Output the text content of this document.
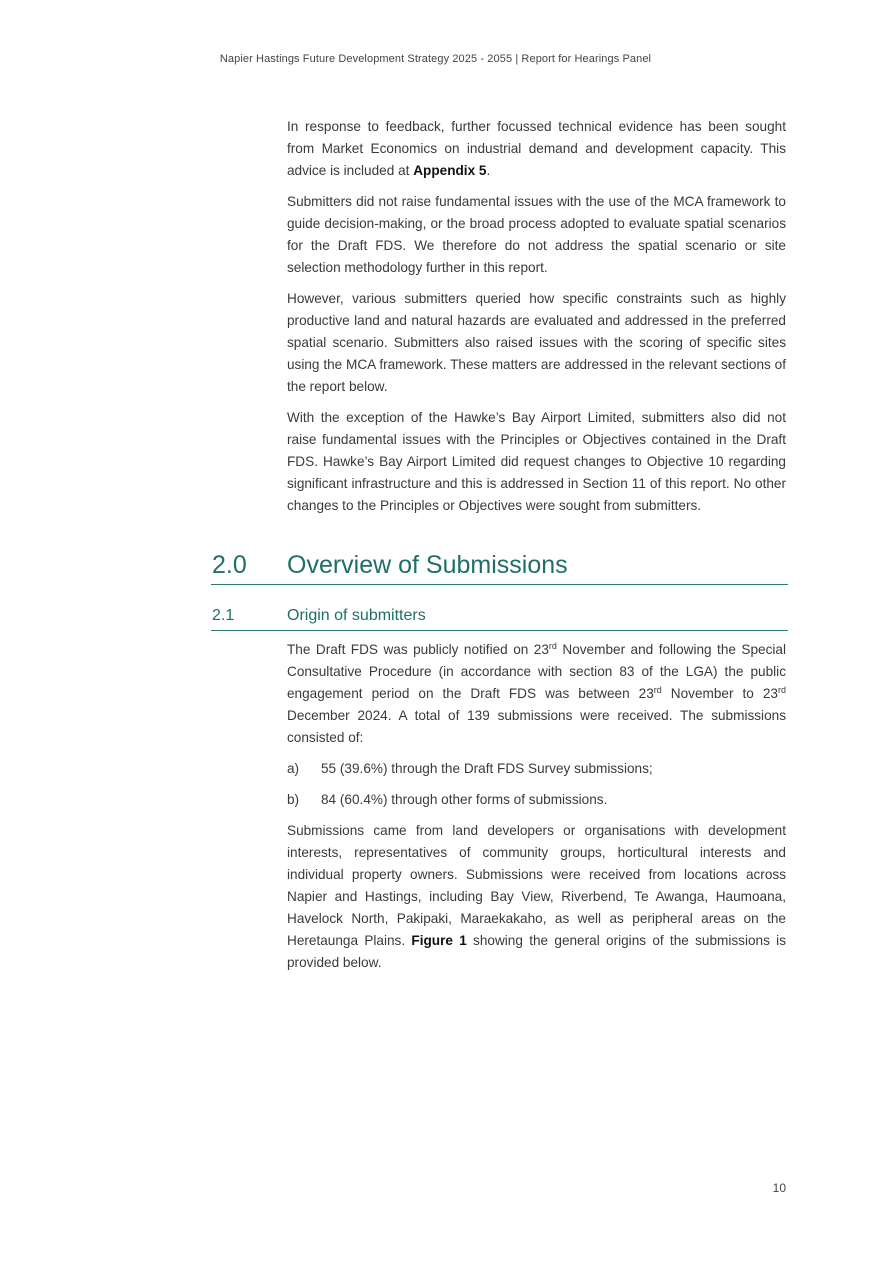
Napier Hastings Future Development Strategy 2025 - 2055 | Report for Hearings Panel

In response to feedback, further focussed technical evidence has been sought from Market Economics on industrial demand and development capacity. This advice is included at Appendix 5.

Submitters did not raise fundamental issues with the use of the MCA framework to guide decision-making, or the broad process adopted to evaluate spatial scenarios for the Draft FDS. We therefore do not address the spatial scenario or site selection methodology further in this report.

However, various submitters queried how specific constraints such as highly productive land and natural hazards are evaluated and addressed in the preferred spatial scenario. Submitters also raised issues with the scoring of specific sites using the MCA framework. These matters are addressed in the relevant sections of the report below.

With the exception of the Hawke’s Bay Airport Limited, submitters also did not raise fundamental issues with the Principles or Objectives contained in the Draft FDS. Hawke’s Bay Airport Limited did request changes to Objective 10 regarding significant infrastructure and this is addressed in Section 11 of this report. No other changes to the Principles or Objectives were sought from submitters.

2.0 Overview of Submissions
2.1	Origin of submitters

The Draft FDS was publicly notified on 23rd November and following the Special Consultative Procedure (in accordance with section 83 of the LGA) the public engagement period on the Draft FDS was between 23rd November to 23rd December 2024. A total of 139 submissions were received. The submissions consisted of:

a)	55 (39.6%) through the Draft FDS Survey submissions;
b)	84 (60.4%) through other forms of submissions.

Submissions came from land developers or organisations with development interests, representatives of community groups, horticultural interests and individual property owners. Submissions were received from locations across Napier and Hastings, including Bay View, Riverbend, Te Awanga, Haumoana, Havelock North, Pakipaki, Maraekakaho, as well as peripheral areas on the Heretaunga Plains. Figure 1 showing the general origins of the submissions is provided below.

10
